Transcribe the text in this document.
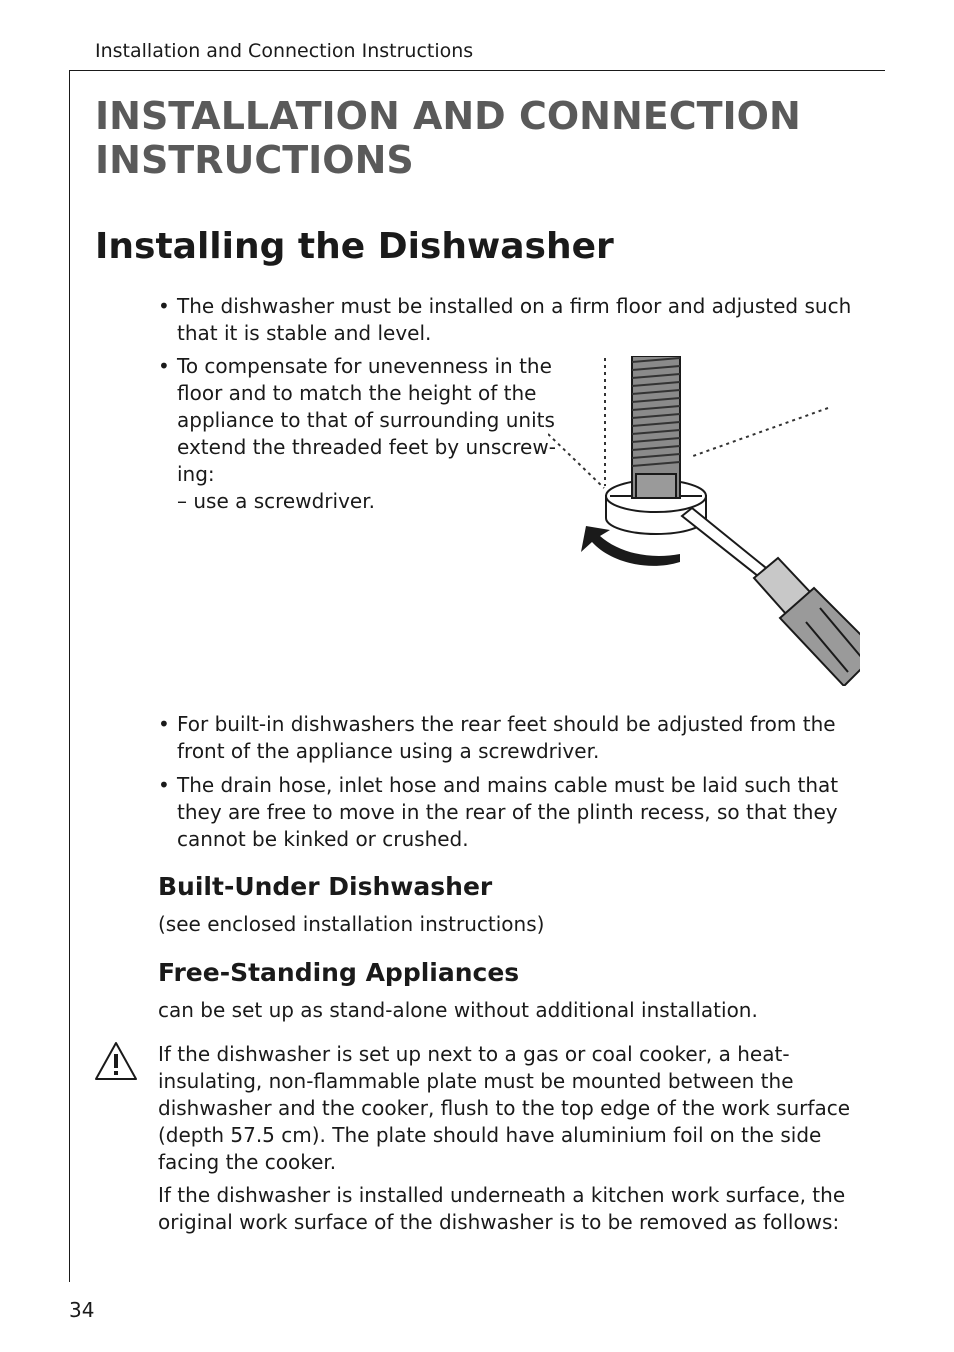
Installation and Connection Instructions
INSTALLATION AND CONNECTION INSTRUCTIONS
Installing the Dishwasher
• The dishwasher must be installed on a firm floor and adjusted such that it is stable and level.
• To compensate for unevenness in the
floor and to match the height of the
appliance to that of surrounding units
extend the threaded feet by unscrew-
ing:
– use a screwdriver.
• For built-in dishwashers the rear feet should be adjusted from the front of the appliance using a screwdriver.
• The drain hose, inlet hose and mains cable must be laid such that they are free to move in the rear of the plinth recess, so that they cannot be kinked or crushed.
Built-Under Dishwasher
(see enclosed installation instructions)
Free-Standing Appliances
can be set up as stand-alone without additional installation.
If the dishwasher is set up next to a gas or coal cooker, a heat-insulating, non-flammable plate must be mounted between the dishwasher and the cooker, flush to the top edge of the work surface (depth 57.5 cm). The plate should have aluminium foil on the side facing the cooker.
If the dishwasher is installed underneath a kitchen work surface, the original work surface of the dishwasher is to be removed as follows:
34
